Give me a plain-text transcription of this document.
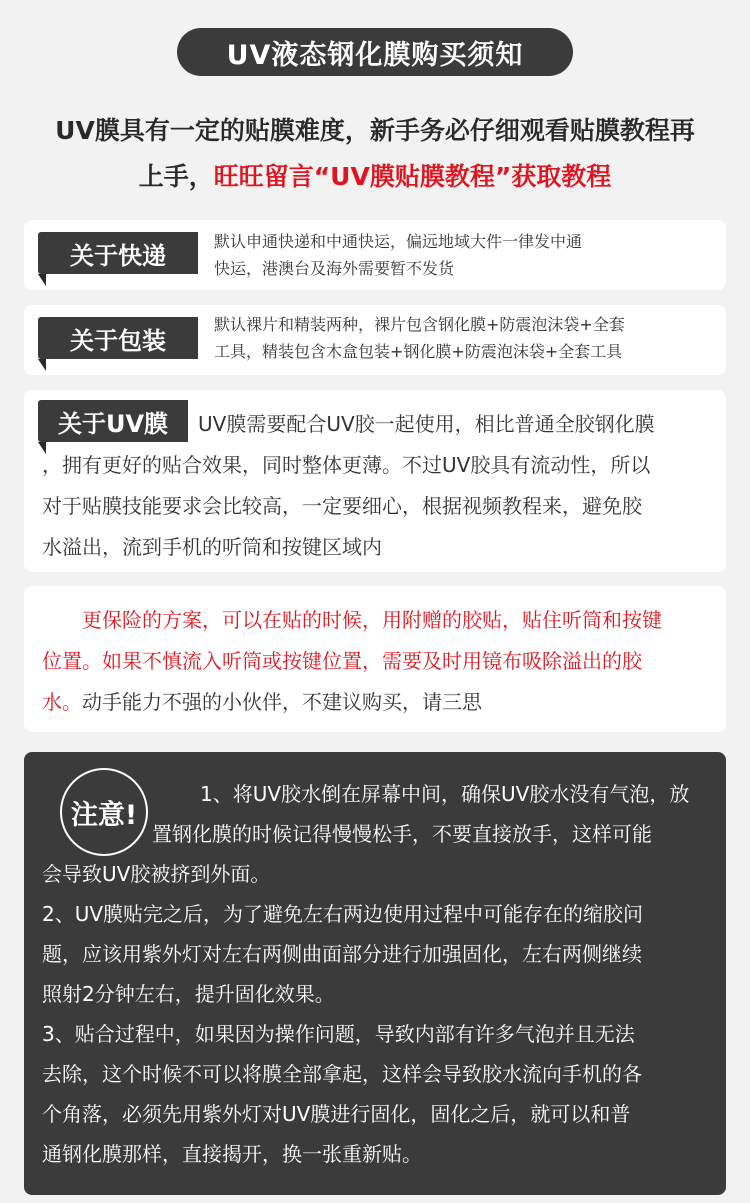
UV液态钢化膜购买须知
UV膜具有一定的贴膜难度，新手务必仔细观看贴膜教程再
上手，旺旺留言“UV膜贴膜教程”获取教程
关于快递	默认申通快递和中通快运，偏远地域大件一律发中通
快运，港澳台及海外需要暂不发货
关于包装
默认裸片和精装两种，裸片包含钢化膜+防震泡沫袋+全套
工具，精装包含木盒包装+钢化膜+防震泡沫袋+全套工具
关于UV膜	UV膜需要配合UV胶一起使用，相比普通全胶钢化膜
，拥有更好的贴合效果，同时整体更薄。不过UV胶具有流动性，所以
对于贴膜技能要求会比较高，一定要细心，根据视频教程来，避免胶
水溢出，流到手机的听筒和按键区域内
更保险的方案，可以在贴的时候，用附赠的胶贴，贴住听筒和按键
位置。如果不慎流入听筒或按键位置，需要及时用镜布吸除溢出的胶
水。动手能力不强的小伙伴，不建议购买，请三思
注意!

1、将UV胶水倒在屏幕中间，确保UV胶水没有气泡，放

置钢化膜的时候记得慢慢松手，不要直接放手，这样可能

会导致UV胶被挤到外面。

2、UV膜贴完之后，为了避免左右两边使用过程中可能存在的缩胶问

题，应该用紫外灯对左右两侧曲面部分进行加强固化，左右两侧继续

照射2分钟左右，提升固化效果。

3、贴合过程中，如果因为操作问题，导致内部有许多气泡并且无法

去除，这个时候不可以将膜全部拿起，这样会导致胶水流向手机的各

个角落，必须先用紫外灯对UV膜进行固化，固化之后，就可以和普

通钢化膜那样，直接揭开，换一张重新贴。
